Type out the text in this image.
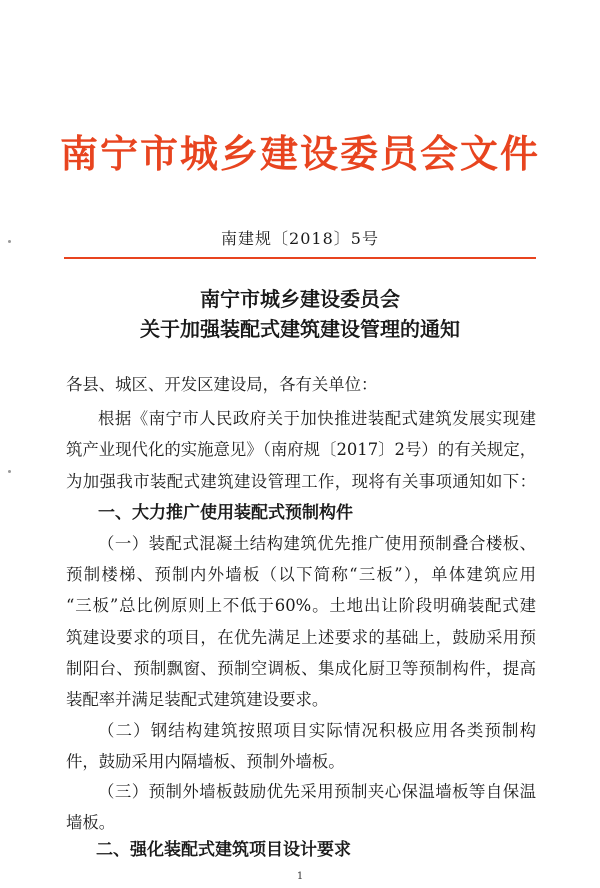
南宁市城乡建设委员会文件
南建规〔2018〕5号
南宁市城乡建设委员会
关于加强装配式建筑建设管理的通知
各县、城区、开发区建设局，各有关单位：
根据《南宁市人民政府关于加快推进装配式建筑发展实现建
筑产业现代化的实施意见》（南府规〔2017〕2号）的有关规定，
为加强我市装配式建筑建设管理工作，现将有关事项通知如下：
一、大力推广使用装配式预制构件
（一）装配式混凝土结构建筑优先推广使用预制叠合楼板、
预制楼梯、预制内外墙板（以下简称“三板”），单体建筑应用
“三板”总比例原则上不低于60%。土地出让阶段明确装配式建
筑建设要求的项目，在优先满足上述要求的基础上，鼓励采用预
制阳台、预制飘窗、预制空调板、集成化厨卫等预制构件，提高
装配率并满足装配式建筑建设要求。
（二）钢结构建筑按照项目实际情况积极应用各类预制构
件，鼓励采用内隔墙板、预制外墙板。
（三）预制外墙板鼓励优先采用预制夹心保温墙板等自保温
墙板。
二、强化装配式建筑项目设计要求
1
